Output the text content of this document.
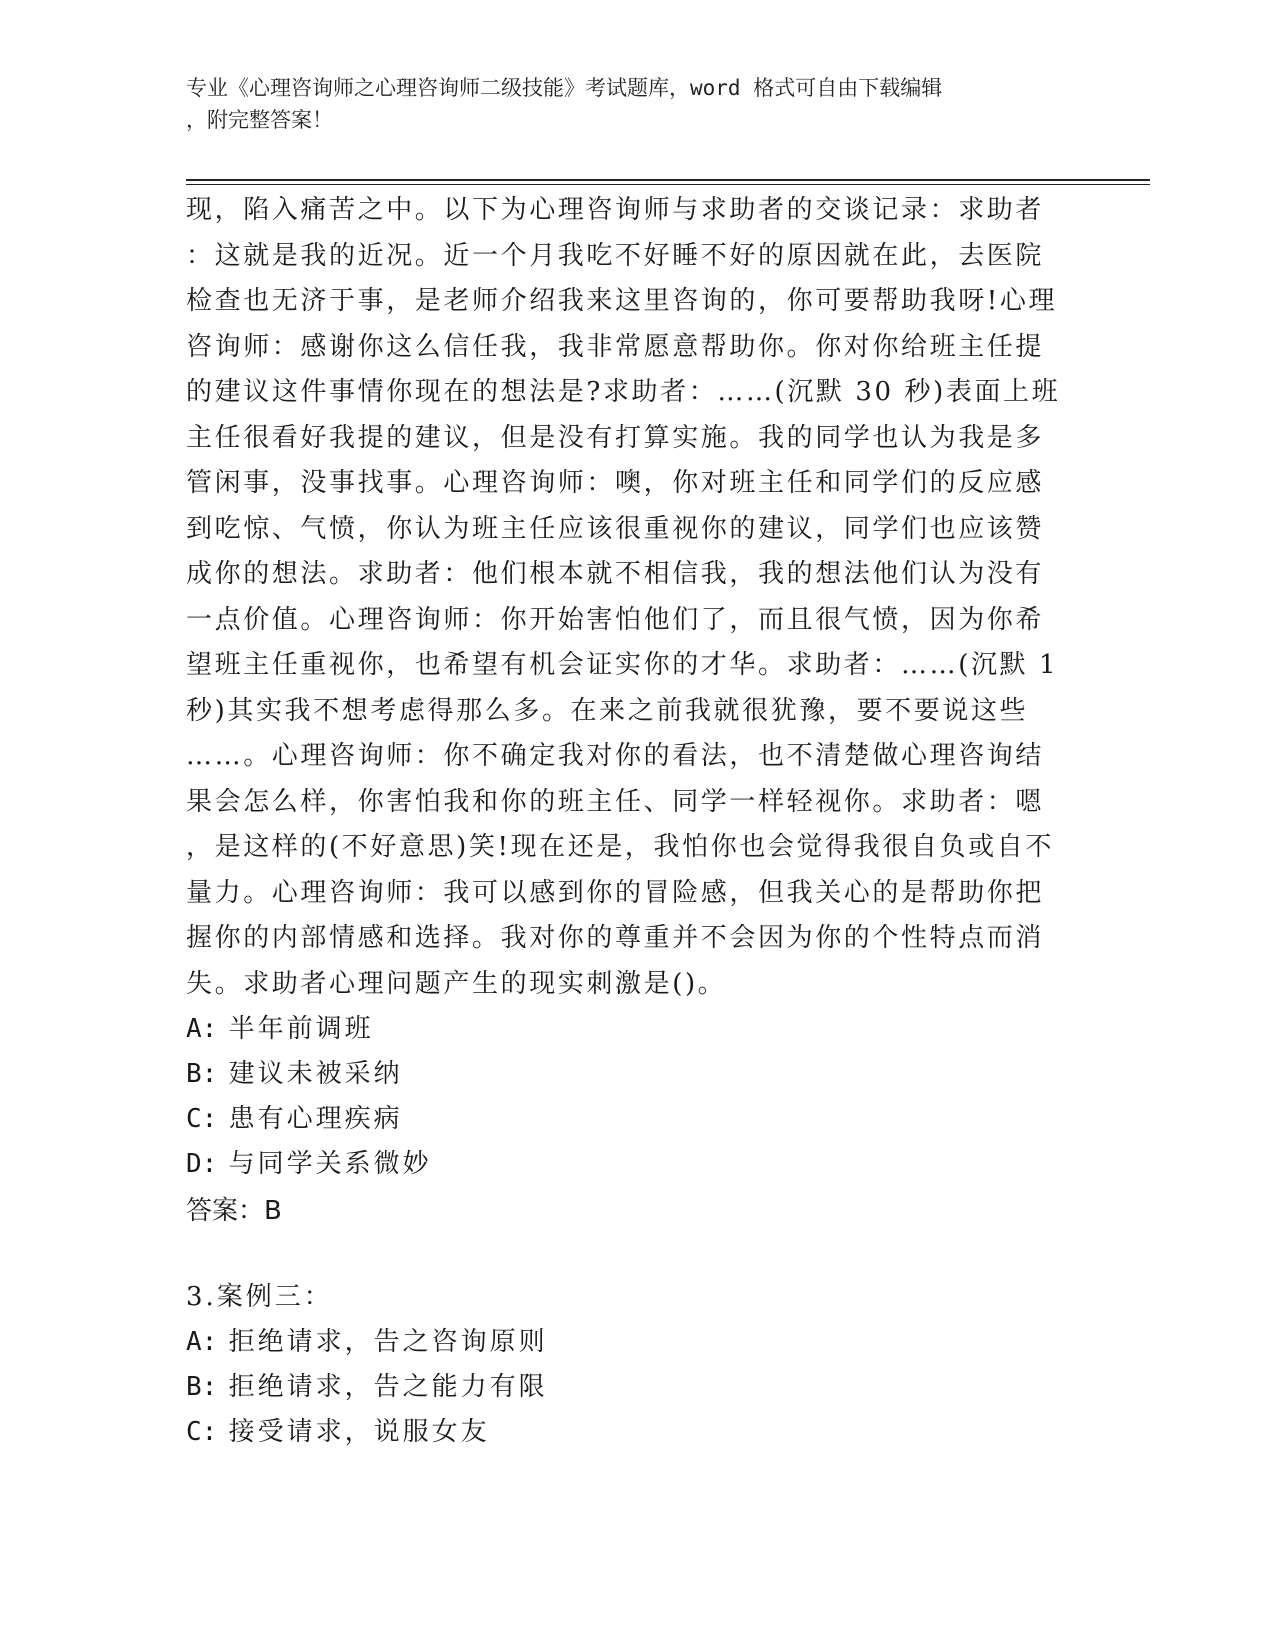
专业《心理咨询师之心理咨询师二级技能》考试题库，word 格式可自由下载编辑
，附完整答案！
现，陷入痛苦之中。以下为心理咨询师与求助者的交谈记录：求助者
：这就是我的近况。近一个月我吃不好睡不好的原因就在此，去医院
检查也无济于事，是老师介绍我来这里咨询的，你可要帮助我呀!心理
咨询师：感谢你这么信任我，我非常愿意帮助你。你对你给班主任提
的建议这件事情你现在的想法是?求助者：……(沉默 30 秒)表面上班
主任很看好我提的建议，但是没有打算实施。我的同学也认为我是多
管闲事，没事找事。心理咨询师：噢，你对班主任和同学们的反应感
到吃惊、气愤，你认为班主任应该很重视你的建议，同学们也应该赞
成你的想法。求助者：他们根本就不相信我，我的想法他们认为没有
一点价值。心理咨询师：你开始害怕他们了，而且很气愤，因为你希
望班主任重视你，也希望有机会证实你的才华。求助者：……(沉默 1
秒)其实我不想考虑得那么多。在来之前我就很犹豫，要不要说这些
……。心理咨询师：你不确定我对你的看法，也不清楚做心理咨询结
果会怎么样，你害怕我和你的班主任、同学一样轻视你。求助者：嗯
，是这样的(不好意思)笑!现在还是，我怕你也会觉得我很自负或自不
量力。心理咨询师：我可以感到你的冒险感，但我关心的是帮助你把
握你的内部情感和选择。我对你的尊重并不会因为你的个性特点而消
失。求助者心理问题产生的现实刺激是()。
A: 半年前调班
B: 建议未被采纳
C: 患有心理疾病
D: 与同学关系微妙
答案：B
3.案例三：
A: 拒绝请求，告之咨询原则
B: 拒绝请求，告之能力有限
C: 接受请求，说服女友
